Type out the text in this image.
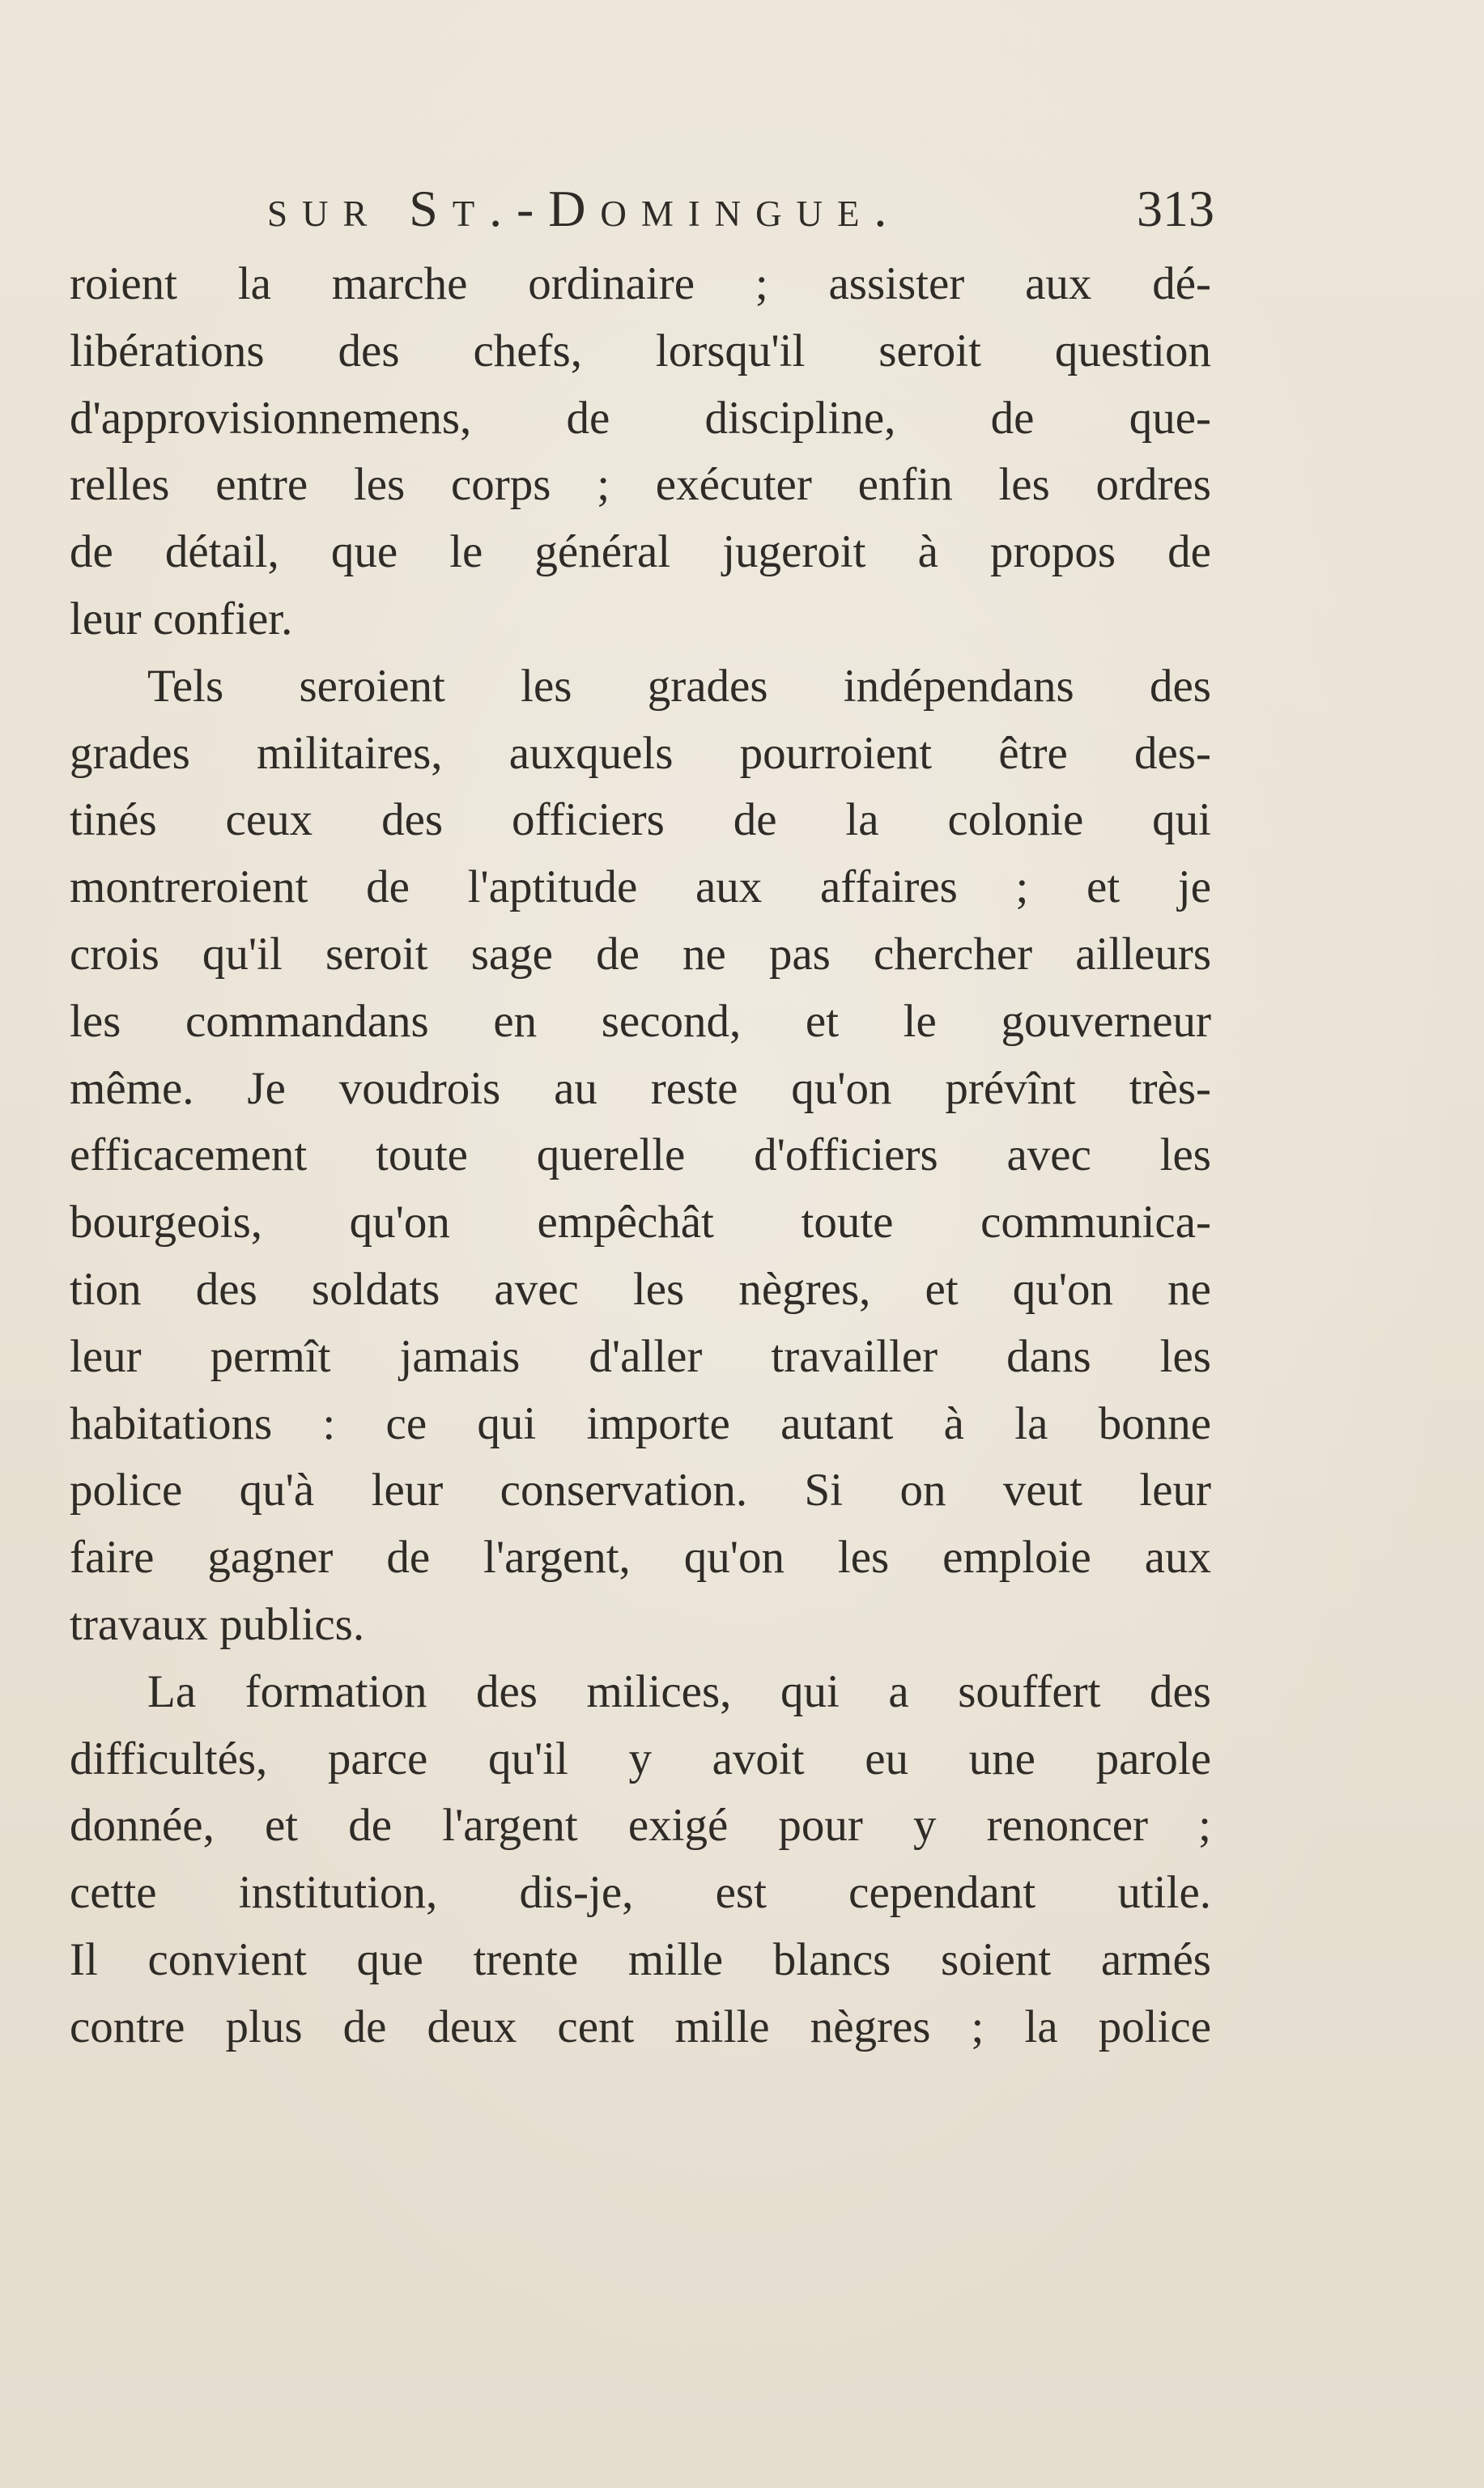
sur St.-Domingue.	313
roient la marche ordinaire ; assister aux dé-
libérations des chefs, lorsqu'il seroit question
d'approvisionnemens, de discipline, de que-
relles entre les corps ; exécuter enfin les ordres
de détail, que le général jugeroit à propos de
leur confier.
Tels seroient les grades indépendans des
grades militaires, auxquels pourroient être des-
tinés ceux des officiers de la colonie qui
montreroient de l'aptitude aux affaires ; et je
crois qu'il seroit sage de ne pas chercher ailleurs
les commandans en second, et le gouverneur
même. Je voudrois au reste qu'on prévînt très-
efficacement toute querelle d'officiers avec les
bourgeois, qu'on empêchât toute communica-
tion des soldats avec les nègres, et qu'on ne
leur permît jamais d'aller travailler dans les
habitations : ce qui importe autant à la bonne
police qu'à leur conservation. Si on veut leur
faire gagner de l'argent, qu'on les emploie aux
travaux publics.
La formation des milices, qui a souffert des
difficultés, parce qu'il y avoit eu une parole
donnée, et de l'argent exigé pour y renoncer ;
cette institution, dis-je, est cependant utile.
Il convient que trente mille blancs soient armés
contre plus de deux cent mille nègres ; la police
